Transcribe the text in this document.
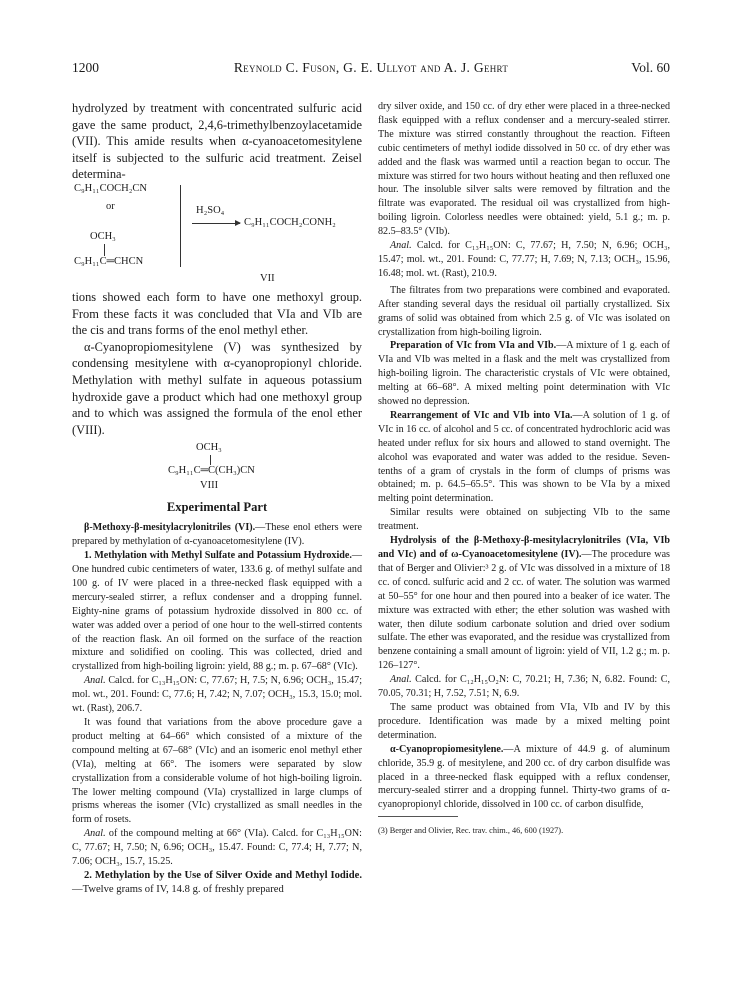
1200	Reynold C. Fuson, G. E. Ullyot and A. J. Gehrt	Vol. 60

hydrolyzed by treatment with concentrated sulfuric acid gave the same product, 2,4,6-trimethylbenzoylacetamide (VII). This amide results when α-cyanoacetomesitylene itself is subjected to the sulfuric acid treatment. Zeisel determina-

C₉H₁₁COCH₂CN
or
OCH₃
C₉H₁₁C═CHCN
H₂SO₄
C₉H₁₁COCH₂CONH₂
VII

tions showed each form to have one methoxyl group. From these facts it was concluded that VIa and VIb are the cis and trans forms of the enol methyl ether.

α-Cyanopropiomesitylene (V) was synthesized by condensing mesitylene with α-cyanopropionyl chloride. Methylation with methyl sulfate in aqueous potassium hydroxide gave a product which had one methoxyl group and to which was assigned the formula of the enol ether (VIII).

OCH₃
C₉H₁₁C═C(CH₃)CN
VIII
Experimental Part

β-Methoxy-β-mesitylacrylonitriles (VI).—These enol ethers were prepared by methylation of α-cyanoacetomesitylene (IV).

1. Methylation with Methyl Sulfate and Potassium Hydroxide.—One hundred cubic centimeters of water, 133.6 g. of methyl sulfate and 100 g. of IV were placed in a three-necked flask equipped with a mercury-sealed stirrer, a reflux condenser and a dropping funnel. Eighty-nine grams of potassium hydroxide dissolved in 800 cc. of water was added over a period of one hour to the well-stirred contents of the reaction flask. An oil formed on the surface of the reaction mixture and solidified on cooling. This was collected, dried and crystallized from high-boiling ligroin: yield, 88 g.; m. p. 67–68° (VIc).

Anal. Calcd. for C₁₃H₁₅ON: C, 77.67; H, 7.5; N, 6.96; OCH₃, 15.47; mol. wt., 201. Found: C, 77.6; H, 7.42; N, 7.07; OCH₃, 15.3, 15.0; mol. wt. (Rast), 206.7.

It was found that variations from the above procedure gave a product melting at 64–66° which consisted of a mixture of the compound melting at 67–68° (VIc) and an isomeric enol methyl ether (VIa), melting at 66°. The isomers were separated by slow crystallization from a considerable volume of hot high-boiling ligroin. The lower melting compound (VIa) crystallized in large clumps of prisms whereas the isomer (VIc) crystallized as small needles in the form of rosets.

Anal. of the compound melting at 66° (VIa). Calcd. for C₁₃H₁₅ON: C, 77.67; H, 7.50; N, 6.96; OCH₃, 15.47. Found: C, 77.4; H, 7.77; N, 7.06; OCH₃, 15.7, 15.25.

2. Methylation by the Use of Silver Oxide and Methyl Iodide.—Twelve grams of IV, 14.8 g. of freshly prepared

dry silver oxide, and 150 cc. of dry ether were placed in a three-necked flask equipped with a reflux condenser and a mercury-sealed stirrer. The mixture was stirred constantly throughout the reaction. Fifteen cubic centimeters of methyl iodide dissolved in 50 cc. of dry ether was added and the flask was warmed until a reaction began to occur. The mixture was stirred for two hours without heating and then refluxed one hour. The insoluble silver salts were removed by filtration and the filtrate was evaporated. The residual oil was crystallized from high-boiling ligroin. Colorless needles were obtained: yield, 5.1 g.; m. p. 82.5–83.5° (VIb).

Anal. Calcd. for C₁₃H₁₅ON: C, 77.67; H, 7.50; N, 6.96; OCH₃, 15.47; mol. wt., 201. Found: C, 77.77; H, 7.69; N, 7.13; OCH₃, 15.96, 16.48; mol. wt. (Rast), 210.9.

The filtrates from two preparations were combined and evaporated. After standing several days the residual oil partially crystallized. Six grams of solid was obtained from which 2.5 g. of VIc was isolated on crystallization from high-boiling ligroin.

Preparation of VIc from VIa and VIb.—A mixture of 1 g. each of VIa and VIb was melted in a flask and the melt was crystallized from high-boiling ligroin. The characteristic crystals of VIc were obtained, melting at 66–68°. A mixed melting point determination with VIc showed no depression.

Rearrangement of VIc and VIb into VIa.—A solution of 1 g. of VIc in 16 cc. of alcohol and 5 cc. of concentrated hydrochloric acid was heated under reflux for six hours and allowed to stand overnight. The alcohol was evaporated and water was added to the residue. Seven-tenths of a gram of crystals in the form of clumps of prisms was obtained; m. p. 64.5–65.5°. This was shown to be VIa by a mixed melting point determination.

Similar results were obtained on subjecting VIb to the same treatment.

Hydrolysis of the β-Methoxy-β-mesitylacrylonitriles (VIa, VIb and VIc) and of ω-Cyanoacetomesitylene (IV).—The procedure was that of Berger and Olivier:³ 2 g. of VIc was dissolved in a mixture of 18 cc. of concd. sulfuric acid and 2 cc. of water. The solution was warmed at 50–55° for one hour and then poured into a beaker of ice water. The mixture was extracted with ether; the ether solution was washed with water, then dilute sodium carbonate solution and dried over sodium sulfate. The ether was evaporated, and the residue was crystallized from benzene containing a small amount of ligroin: yield of VII, 1.2 g.; m. p. 126–127°.

Anal. Calcd. for C₁₂H₁₅O₂N: C, 70.21; H, 7.36; N, 6.82. Found: C, 70.05, 70.31; H, 7.52, 7.51; N, 6.9.

The same product was obtained from VIa, VIb and IV by this procedure. Identification was made by a mixed melting point determination.

α-Cyanopropiomesitylene.—A mixture of 44.9 g. of aluminum chloride, 35.9 g. of mesitylene, and 200 cc. of dry carbon disulfide was placed in a three-necked flask equipped with a reflux condenser, mercury-sealed stirrer and a dropping funnel. Thirty-two grams of α-cyanopropionyl chloride, dissolved in 100 cc. of carbon disulfide,

(3) Berger and Olivier, Rec. trav. chim., 46, 600 (1927).
